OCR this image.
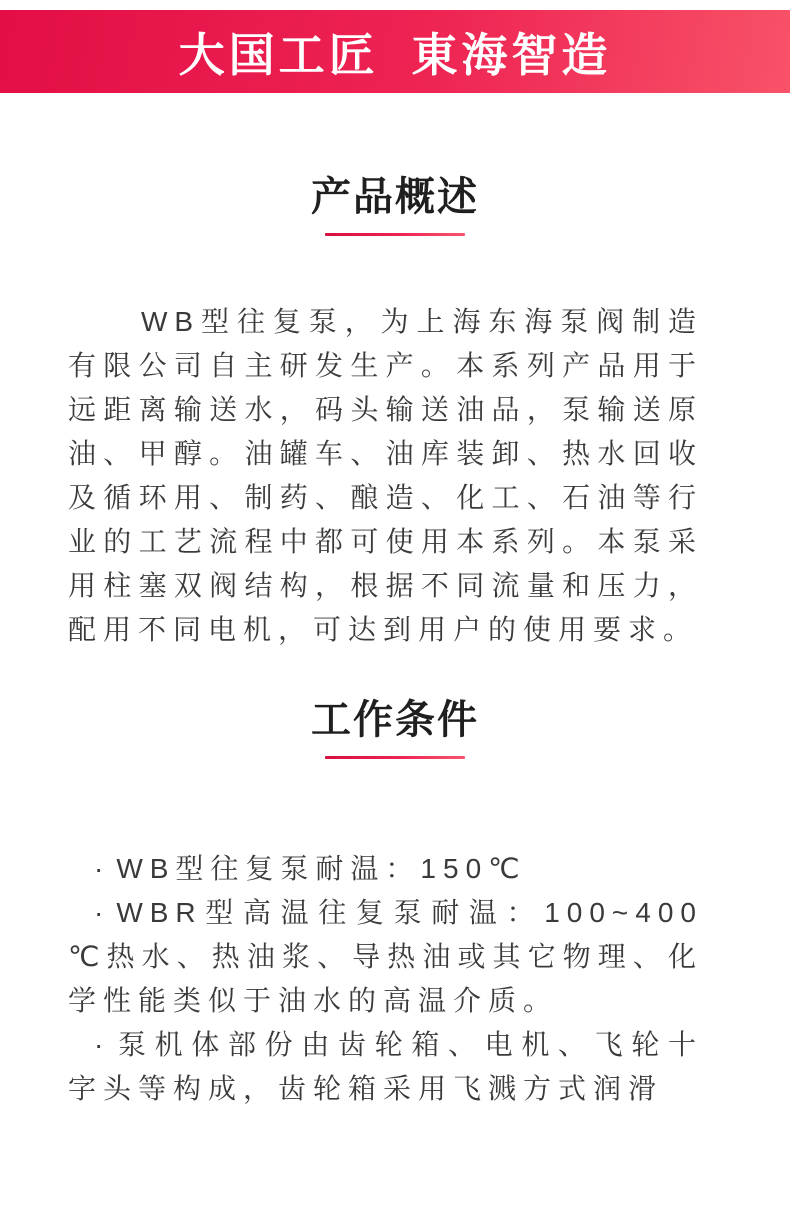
大国工匠 東海智造
产品概述

WB型往复泵，为上海东海泵阀制造有限公司自主研发生产。本系列产品用于远距离输送水，码头输送油品，泵输送原油、甲醇。油罐车、油库装卸、热水回收及循环用、制药、酿造、化工、石油等行业的工艺流程中都可使用本系列。本泵采用柱塞双阀结构，根据不同流量和压力，配用不同电机，可达到用户的使用要求。

工作条件

· WB型往复泵耐温：150℃

· WBR型高温往复泵耐温：100~400℃热水、热油浆、导热油或其它物理、化学性能类似于油水的高温介质。

· 泵机体部份由齿轮箱、电机、飞轮十字头等构成，齿轮箱采用飞溅方式润滑
